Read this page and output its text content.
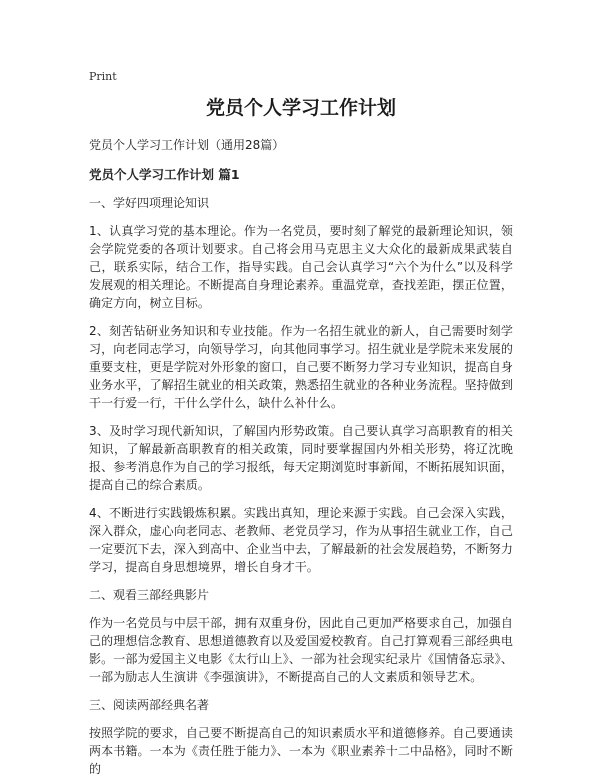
Print
党员个人学习工作计划
党员个人学习工作计划（通用28篇）
党员个人学习工作计划 篇1
一、学好四项理论知识

1、认真学习党的基本理论。作为一名党员，要时刻了解党的最新理论知识，领会学院党委的各项计划要求。自己将会用马克思主义大众化的最新成果武装自己，联系实际，结合工作，指导实践。自己会认真学习“六个为什么”以及科学发展观的相关理论。不断提高自身理论素养。重温党章，查找差距，摆正位置，确定方向，树立目标。

2、刻苦钻研业务知识和专业技能。作为一名招生就业的新人，自己需要时刻学习，向老同志学习，向领导学习，向其他同事学习。招生就业是学院未来发展的重要支柱，更是学院对外形象的窗口，自己要不断努力学习专业知识，提高自身业务水平，了解招生就业的相关政策，熟悉招生就业的各种业务流程。坚持做到干一行爱一行，干什么学什么，缺什么补什么。

3、及时学习现代新知识，了解国内形势政策。自己要认真学习高职教育的相关知识，了解最新高职教育的相关政策，同时要掌握国内外相关形势，将辽沈晚报、参考消息作为自己的学习报纸，每天定期浏览时事新闻，不断拓展知识面，提高自己的综合素质。

4、不断进行实践锻炼积累。实践出真知，理论来源于实践。自己会深入实践，深入群众，虚心向老同志、老教师、老党员学习，作为从事招生就业工作，自己一定要沉下去，深入到高中、企业当中去，了解最新的社会发展趋势，不断努力学习，提高自身思想境界，增长自身才干。

二、观看三部经典影片

作为一名党员与中层干部，拥有双重身份，因此自己更加严格要求自己，加强自己的理想信念教育、思想道德教育以及爱国爱校教育。自己打算观看三部经典电影。一部为爱国主义电影《太行山上》、一部为社会现实纪录片《国情备忘录》、一部为励志人生演讲《李强演讲》，不断提高自己的人文素质和领导艺术。

三、阅读两部经典名著

按照学院的要求，自己要不断提高自己的知识素质水平和道德修养。自己要通读两本书籍。一本为《责任胜于能力》、一本为《职业素养十二中品格》，同时不断的
